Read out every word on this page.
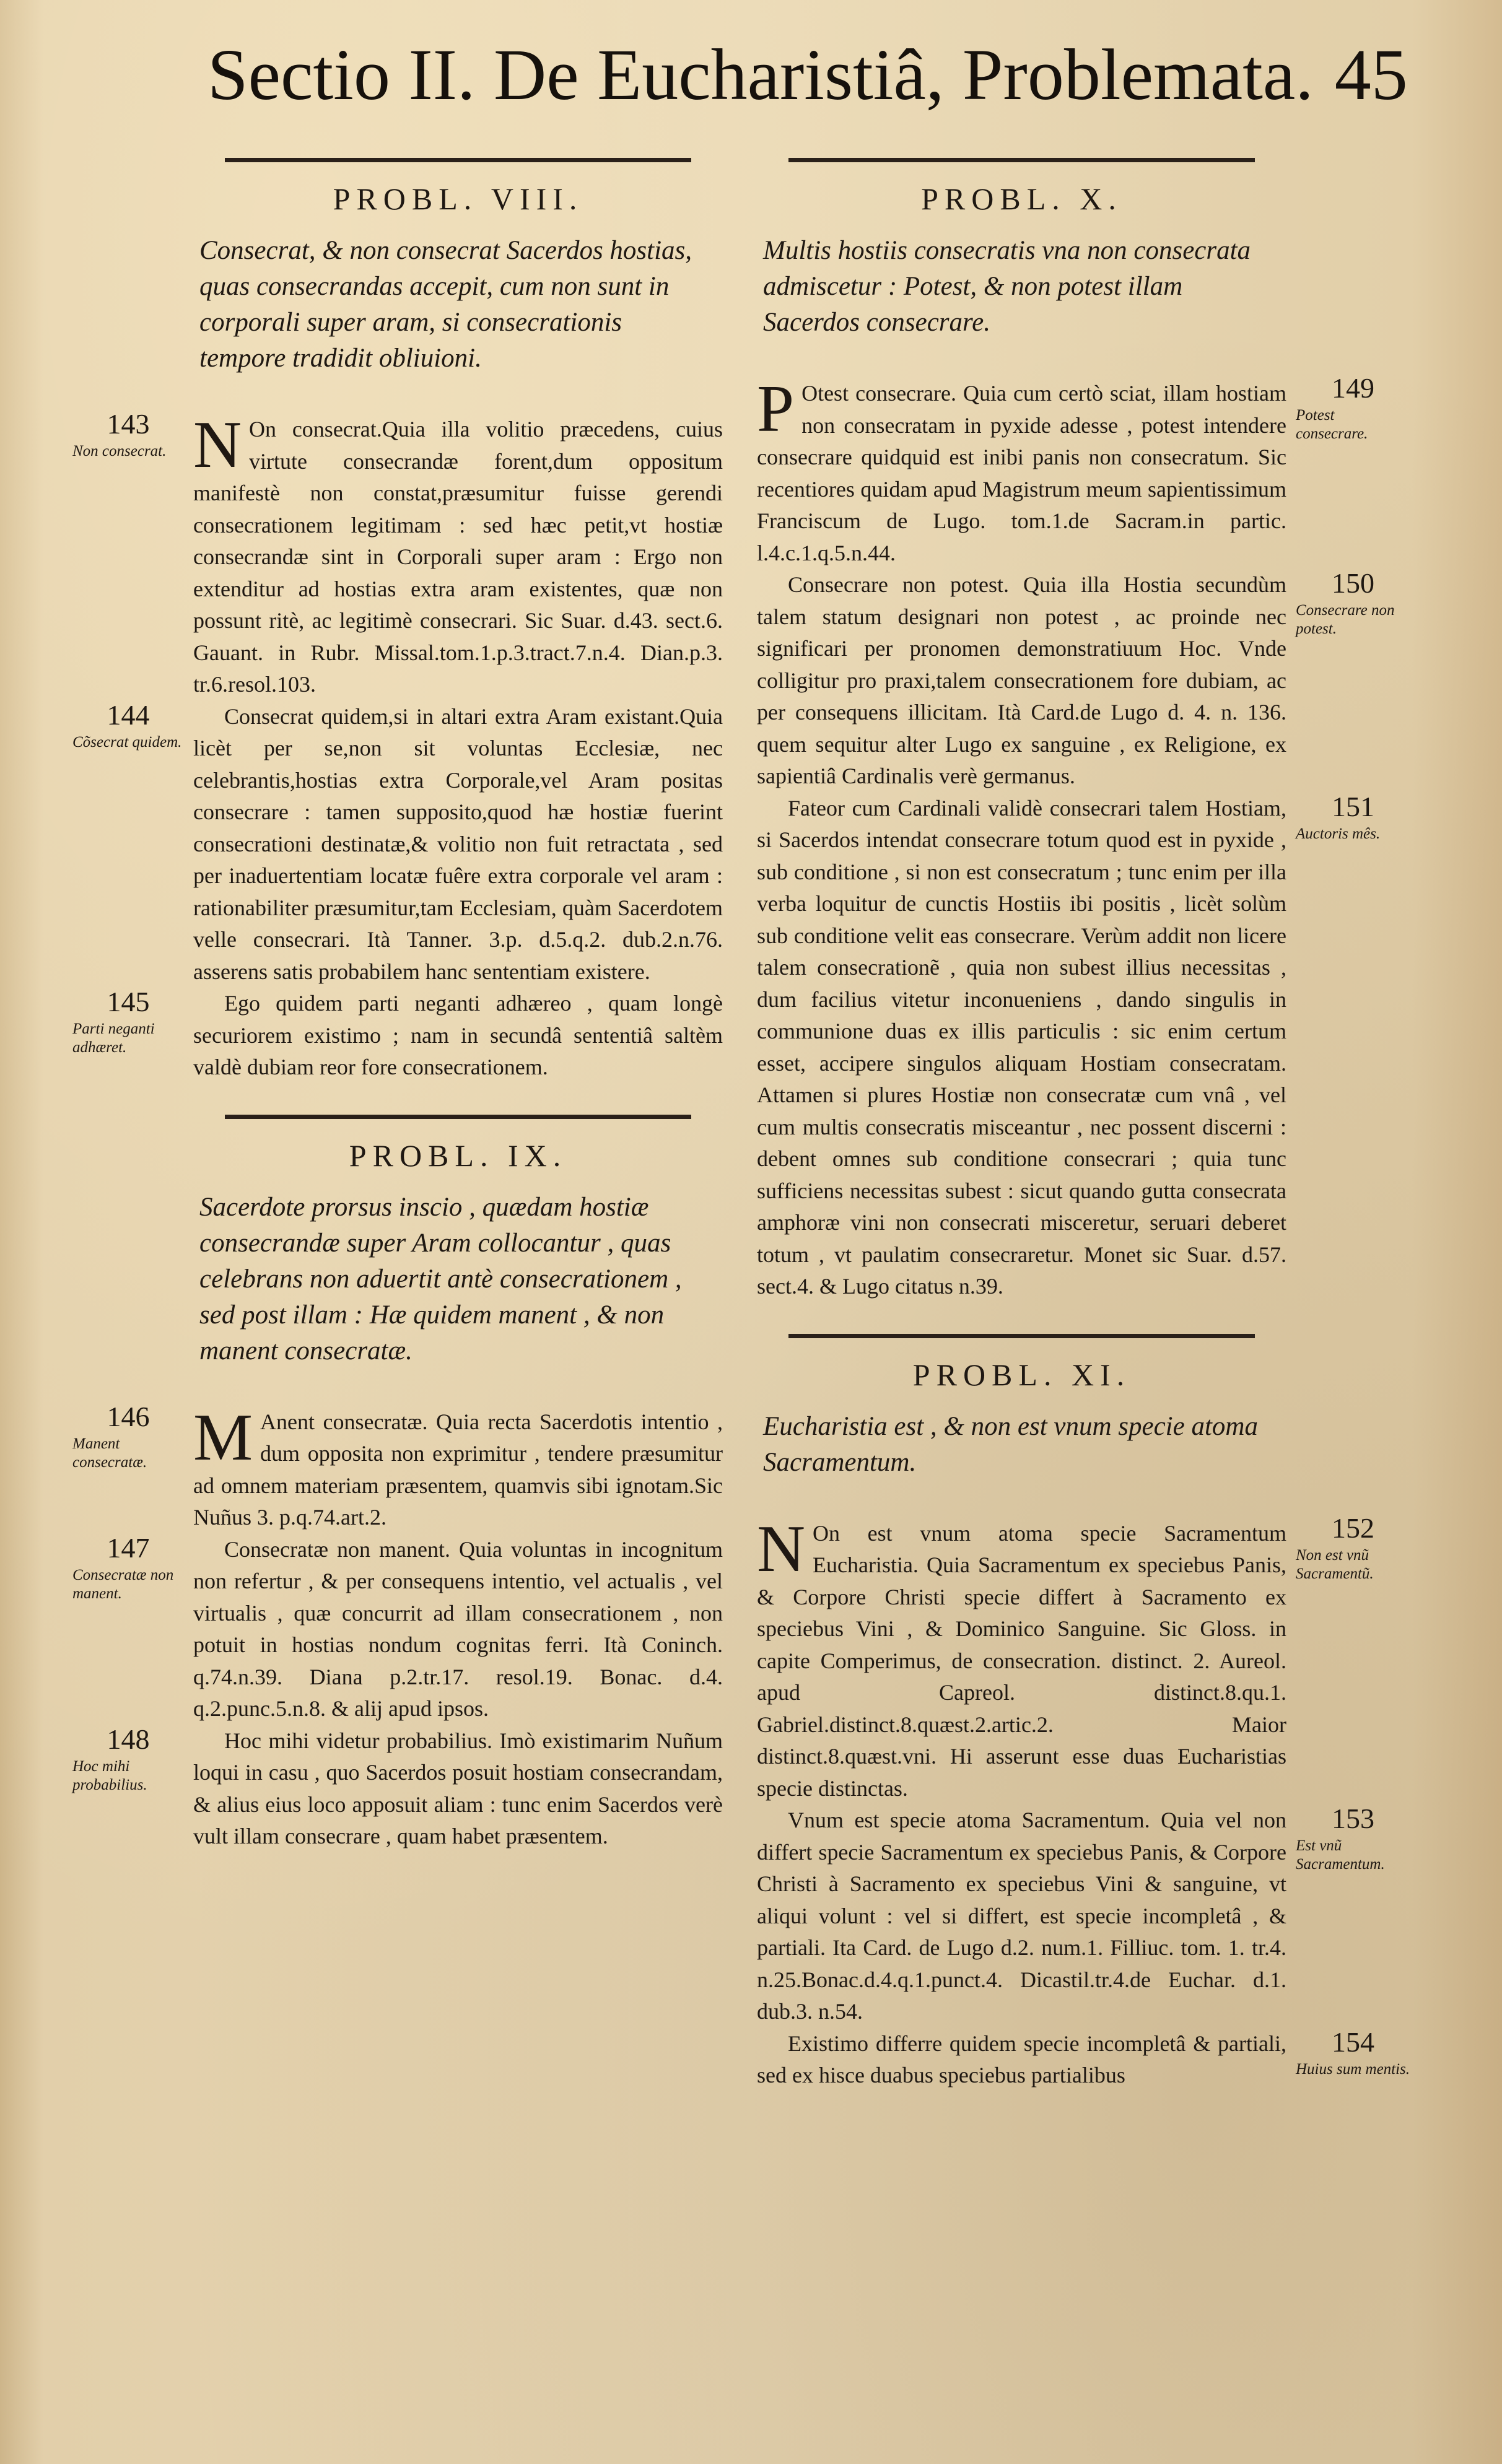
Sectio II. De Eucharistiâ, Problemata. 45
PROBL. VIII.
Consecrat, & non consecrat Sacerdos hostias, quas consecrandas accepit, cum non sunt in corporali super aram, si consecrationis tempore tradidit obliuioni.

143
Non consecrat. N On consecrat.Quia illa volitio præcedens, cuius virtute consecrandæ forent,dum oppositum manifestè non constat,præsumitur fuisse gerendi consecrationem legitimam : sed hæc petit,vt hostiæ consecrandæ sint in Corporali super aram : Ergo non extenditur ad hostias extra aram existentes, quæ non possunt ritè, ac legitimè consecrari. Sic Suar. d.43. sect.6. Gauant. in Rubr. Missal.tom.1.p.3.tract.7.n.4. Dian.p.3. tr.6.resol.103.

144
Cõsecrat quidem.
Consecrat quidem,si in altari extra Aram existant.Quia licèt per se,non sit voluntas Ecclesiæ, nec celebrantis,hostias extra Corporale,vel Aram positas consecrare : tamen supposito,quod hæ hostiæ fuerint consecrationi destinatæ,& volitio non fuit retractata , sed per inaduertentiam locatæ fuêre extra corporale vel aram : rationabiliter præsumitur,tam Ecclesiam, quàm Sacerdotem velle consecrari. Ità Tanner. 3.p. d.5.q.2. dub.2.n.76. asserens satis probabilem hanc sententiam existere.

145
Parti neganti adhæret.
Ego quidem parti neganti adhæreo , quam longè securiorem existimo ; nam in secundâ sententiâ saltèm valdè dubiam reor fore consecrationem.

PROBL. IX.
Sacerdote prorsus inscio , quædam hostiæ consecrandæ super Aram collocantur , quas celebrans non aduertit antè consecrationem , sed post illam : Hæ quidem manent , & non manent consecratæ.

146
Manent consecratæ. M Anent consecratæ. Quia recta Sacerdotis intentio , dum opposita non exprimitur , tendere præsumitur ad omnem materiam præsentem, quamvis sibi ignotam.Sic Nuñus 3. p.q.74.art.2.

147
Consecratæ non manent.
Consecratæ non manent. Quia voluntas in incognitum non refertur , & per consequens intentio, vel actualis , vel virtualis , quæ concurrit ad illam consecrationem , non potuit in hostias nondum cognitas ferri. Ità Coninch. q.74.n.39. Diana p.2.tr.17. resol.19. Bonac. d.4. q.2.punc.5.n.8. & alij apud ipsos.

148
Hoc mihi probabilius.
Hoc mihi videtur probabilius. Imò existimarim Nuñum loqui in casu , quo Sacerdos posuit hostiam consecrandam, & alius eius loco apposuit aliam : tunc enim Sacerdos verè vult illam consecrare , quam habet præsentem.

PROBL. X.
Multis hostiis consecratis vna non consecrata admiscetur : Potest, & non potest illam Sacerdos consecrare.

149
Potest consecrare.
P Otest consecrare. Quia cum certò sciat, illam hostiam non consecratam in pyxide adesse , potest intendere consecrare quidquid est inibi panis non consecratum. Sic recentiores quidam apud Magistrum meum sapientissimum Franciscum de Lugo. tom.1.de Sacram.in partic. l.4.c.1.q.5.n.44.

150
Consecrare non potest.
Consecrare non potest. Quia illa Hostia secundùm talem statum designari non potest , ac proinde nec significari per pronomen demonstratiuum Hoc. Vnde colligitur pro praxi,talem consecrationem fore dubiam, ac per consequens illicitam. Ità Card.de Lugo d. 4. n. 136. quem sequitur alter Lugo ex sanguine , ex Religione, ex sapientiâ Cardinalis verè germanus.

151
Auctoris mês.
Fateor cum Cardinali validè consecrari talem Hostiam, si Sacerdos intendat consecrare totum quod est in pyxide , sub conditione , si non est consecratum ; tunc enim per illa verba loquitur de cunctis Hostiis ibi positis , licèt solùm sub conditione velit eas consecrare. Verùm addit non licere talem consecrationẽ , quia non subest illius necessitas , dum facilius vitetur inconueniens , dando singulis in communione duas ex illis particulis : sic enim certum esset, accipere singulos aliquam Hostiam consecratam. Attamen si plures Hostiæ non consecratæ cum vnâ , vel cum multis consecratis misceantur , nec possent discerni : debent omnes sub conditione consecrari ; quia tunc sufficiens necessitas subest : sicut quando gutta consecrata amphoræ vini non consecrati misceretur, seruari deberet totum , vt paulatim consecraretur. Monet sic Suar. d.57. sect.4. & Lugo citatus n.39.

PROBL. XI.
Eucharistia est , & non est vnum specie atoma Sacramentum.

152
Non est vnũ Sacramentũ.
N On est vnum atoma specie Sacramentum Eucharistia. Quia Sacramentum ex speciebus Panis, & Corpore Christi specie differt à Sacramento ex speciebus Vini , & Dominico Sanguine. Sic Gloss. in capite Comperimus, de consecration. distinct. 2. Aureol. apud Capreol. distinct.8.qu.1. Gabriel.distinct.8.quæst.2.artic.2. Maior distinct.8.quæst.vni. Hi asserunt esse duas Eucharistias specie distinctas.

153
Est vnũ Sacramentum.
Vnum est specie atoma Sacramentum. Quia vel non differt specie Sacramentum ex speciebus Panis, & Corpore Christi à Sacramento ex speciebus Vini & sanguine, vt aliqui volunt : vel si differt, est specie incompletâ , & partiali. Ita Card. de Lugo d.2. num.1. Filliuc. tom. 1. tr.4. n.25.Bonac.d.4.q.1.punct.4. Dicastil.tr.4.de Euchar. d.1. dub.3. n.54.

154
Huius sum mentis.
Existimo differre quidem specie incompletâ & partiali, sed ex hisce duabus speciebus partialibus
